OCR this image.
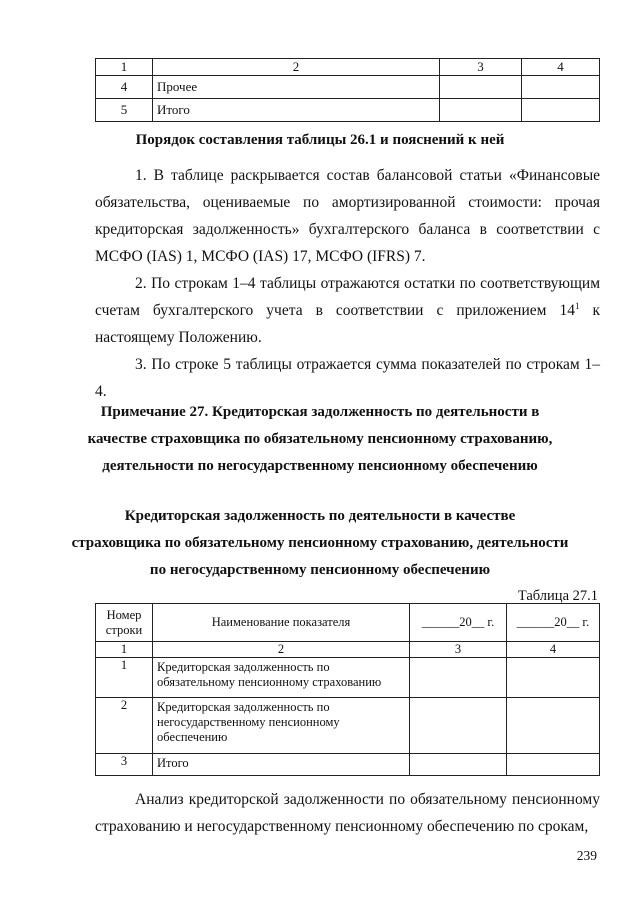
1	2	3	4
4	Прочее		
5	Итого		
Порядок составления таблицы 26.1 и пояснений к ней
1. В таблице раскрывается состав балансовой статьи «Финансовые обязательства, оцениваемые по амортизированной стоимости: прочая кредиторская задолженность» бухгалтерского баланса в соответствии с МСФО (IAS) 1, МСФО (IAS) 17, МСФО (IFRS) 7.
2. По строкам 1–4 таблицы отражаются остатки по соответствующим счетам бухгалтерского учета в соответствии с приложением $14^1$ к настоящему Положению.
3. По строке 5 таблицы отражается сумма показателей по строкам 1–4.
Примечание 27. Кредиторская задолженность по деятельности в
качестве страховщика по обязательному пенсионному страхованию,
деятельности по негосударственному пенсионному обеспечению
Кредиторская задолженность по деятельности в качестве
страховщика по обязательному пенсионному страхованию, деятельности
по негосударственному пенсионному обеспечению
Таблица 27.1
Номер строки	Наименование показателя	______20__ г.	______20__ г.
1	2	3	4
1	Кредиторская задолженность по обязательному пенсионному страхованию		
2	Кредиторская задолженность по негосударственному пенсионному обеспечению		
3	Итого		
Анализ кредиторской задолженности по обязательному пенсионному страхованию и негосударственному пенсионному обеспечению по срокам,
239
